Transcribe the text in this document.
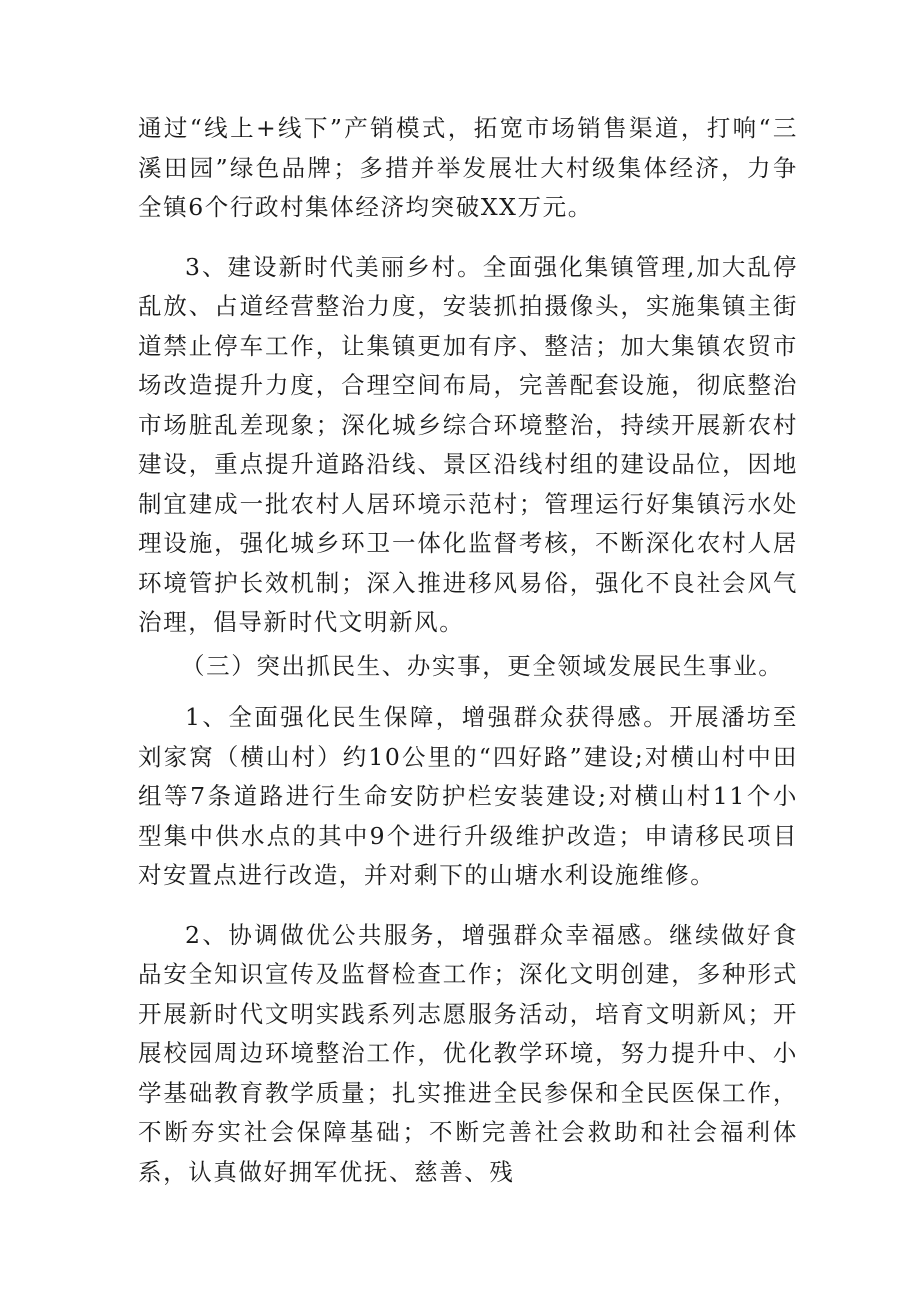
通过“线上+线下”产销模式，拓宽市场销售渠道，打响“三溪田园”绿色品牌；多措并举发展壮大村级集体经济，力争全镇6个行政村集体经济均突破XX万元。

3、建设新时代美丽乡村。全面强化集镇管理,加大乱停乱放、占道经营整治力度，安装抓拍摄像头，实施集镇主街道禁止停车工作，让集镇更加有序、整洁；加大集镇农贸市场改造提升力度，合理空间布局，完善配套设施，彻底整治市场脏乱差现象；深化城乡综合环境整治，持续开展新农村建设，重点提升道路沿线、景区沿线村组的建设品位，因地制宜建成一批农村人居环境示范村；管理运行好集镇污水处理设施，强化城乡环卫一体化监督考核，不断深化农村人居环境管护长效机制；深入推进移风易俗，强化不良社会风气治理，倡导新时代文明新风。

（三）突出抓民生、办实事，更全领域发展民生事业。

1、全面强化民生保障，增强群众获得感。开展潘坊至刘家窝（横山村）约10公里的“四好路”建设;对横山村中田组等7条道路进行生命安防护栏安装建设;对横山村11个小型集中供水点的其中9个进行升级维护改造；申请移民项目对安置点进行改造，并对剩下的山塘水利设施维修。

2、协调做优公共服务，增强群众幸福感。继续做好食品安全知识宣传及监督检查工作；深化文明创建，多种形式开展新时代文明实践系列志愿服务活动，培育文明新风；开展校园周边环境整治工作，优化教学环境，努力提升中、小学基础教育教学质量；扎实推进全民参保和全民医保工作，不断夯实社会保障基础；不断完善社会救助和社会福利体系，认真做好拥军优抚、慈善、残
